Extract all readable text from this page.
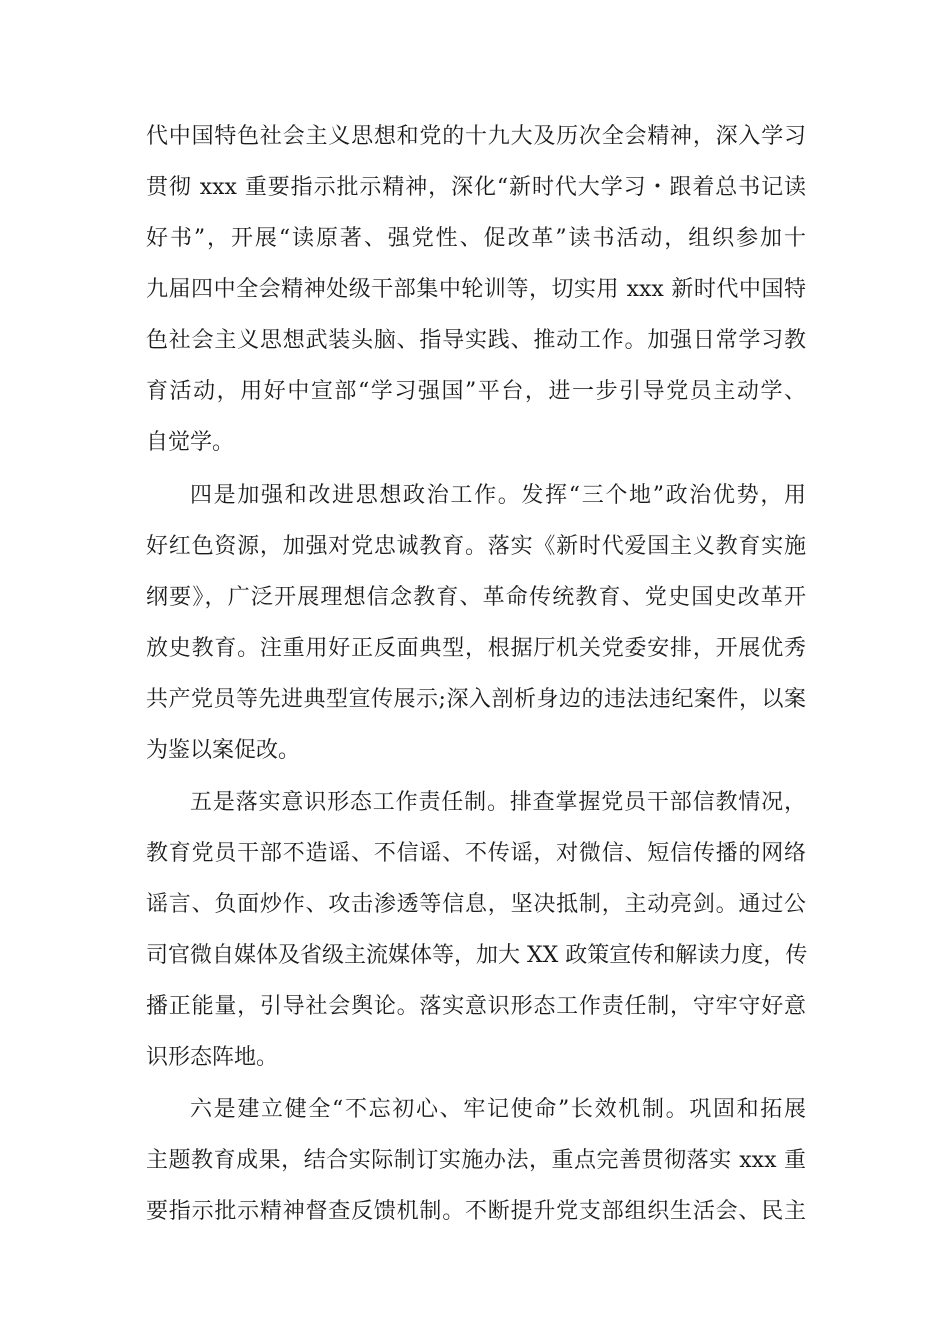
代中国特色社会主义思想和党的十九大及历次全会精神，深入学习
贯彻 xxx 重要指示批示精神，深化“新时代大学习・跟着总书记读
好书”，开展“读原著、强党性、促改革”读书活动，组织参加十
九届四中全会精神处级干部集中轮训等，切实用 xxx 新时代中国特
色社会主义思想武装头脑、指导实践、推动工作。加强日常学习教
育活动，用好中宣部“学习强国”平台，进一步引导党员主动学、
自觉学。
四是加强和改进思想政治工作。发挥“三个地”政治优势，用
好红色资源，加强对党忠诚教育。落实《新时代爱国主义教育实施
纲要》，广泛开展理想信念教育、革命传统教育、党史国史改革开
放史教育。注重用好正反面典型，根据厅机关党委安排，开展优秀
共产党员等先进典型宣传展示;深入剖析身边的违法违纪案件，以案
为鉴以案促改。
五是落实意识形态工作责任制。排查掌握党员干部信教情况，
教育党员干部不造谣、不信谣、不传谣，对微信、短信传播的网络
谣言、负面炒作、攻击渗透等信息，坚决抵制，主动亮剑。通过公
司官微自媒体及省级主流媒体等，加大 XX 政策宣传和解读力度，传
播正能量，引导社会舆论。落实意识形态工作责任制，守牢守好意
识形态阵地。
六是建立健全“不忘初心、牢记使命”长效机制。巩固和拓展
主题教育成果，结合实际制订实施办法，重点完善贯彻落实 xxx 重
要指示批示精神督查反馈机制。不断提升党支部组织生活会、民主
